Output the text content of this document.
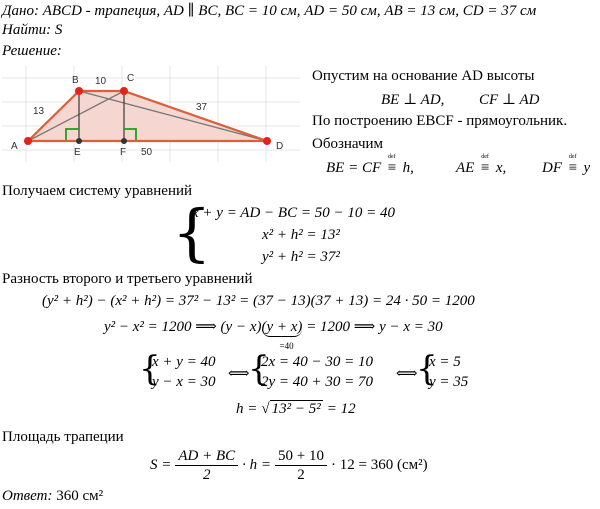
Дано: ABCD - трапеция, AD ∥ BC, BC = 10 см, AD = 50 см, AB = 13 см, CD = 37 см
Найти: S
Решение:
A
B	C
D
E	F
10
13	37
50
Опустим на основание AD высоты
BE ⊥ AD, CF ⊥ AD
По построению EBCF - прямоугольник.
Обозначим
BE = CF
def
≡ h,	AE
def
≡ x, DF
def
≡ y
Получаем систему уравнений
{
x + y = AD − BC = 50 − 10 = 40
x² + h² = 13²
y² + h² = 37²
Разность второго и третьего уравнений
(y² + h²) − (x² + h²) = 37² − 13² = (37 − 13)(37 + 13) = 24 · 50 = 1200
y² − x² = 1200 ⟹ (y − x)(y + x)
=40
= 1200 ⟹ y − x = 30
{
x + y = 40
y − x = 30 ⟺
{
2x = 40 − 30 = 10
2y = 40 + 30 = 70 ⟺
{
x = 5
y = 35
h = √ 13² − 5² = 12
Площадь трапеции
$S = \frac{AD + BC}{2} \cdot h = \frac{50 + 10}{2} \cdot 12 = 360$ (см²)
Ответ: 360 см²
